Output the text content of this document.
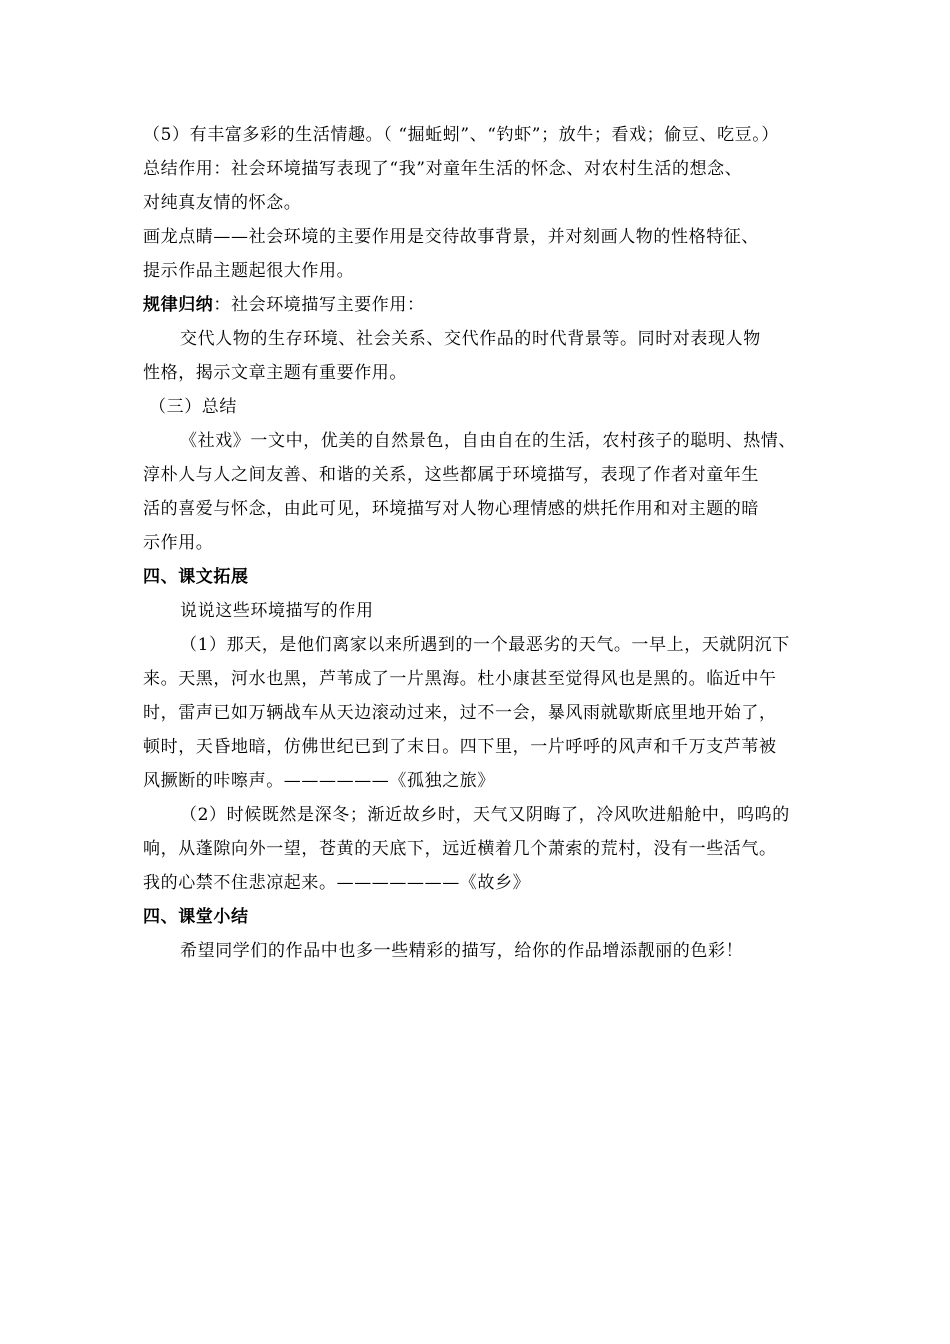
（5）有丰富多彩的生活情趣。（ “掘蚯蚓”、“钓虾”；放牛；看戏；偷豆、吃豆。）
总结作用：社会环境描写表现了“我”对童年生活的怀念、对农村生活的想念、
对纯真友情的怀念。
画龙点睛——社会环境的主要作用是交待故事背景，并对刻画人物的性格特征、
提示作品主题起很大作用。
规律归纳：社会环境描写主要作用：
交代人物的生存环境、社会关系、交代作品的时代背景等。同时对表现人物
性格，揭示文章主题有重要作用。
（三）总结
《社戏》一文中，优美的自然景色，自由自在的生活，农村孩子的聪明、热情、
淳朴人与人之间友善、和谐的关系，这些都属于环境描写，表现了作者对童年生
活的喜爱与怀念，由此可见，环境描写对人物心理情感的烘托作用和对主题的暗
示作用。
四、课文拓展
说说这些环境描写的作用
（1）那天，是他们离家以来所遇到的一个最恶劣的天气。一早上，天就阴沉下
来。天黑，河水也黑，芦苇成了一片黑海。杜小康甚至觉得风也是黑的。临近中午
时，雷声已如万辆战车从天边滚动过来，过不一会，暴风雨就歇斯底里地开始了，
顿时，天昏地暗，仿佛世纪已到了末日。四下里，一片呼呼的风声和千万支芦苇被
风撅断的咔嚓声。——————《孤独之旅》
（2）时候既然是深冬；渐近故乡时，天气又阴晦了，冷风吹进船舱中，呜呜的
响，从蓬隙向外一望，苍黄的天底下，远近横着几个萧索的荒村，没有一些活气。
我的心禁不住悲凉起来。———————《故乡》
四、课堂小结
希望同学们的作品中也多一些精彩的描写，给你的作品增添靓丽的色彩！
